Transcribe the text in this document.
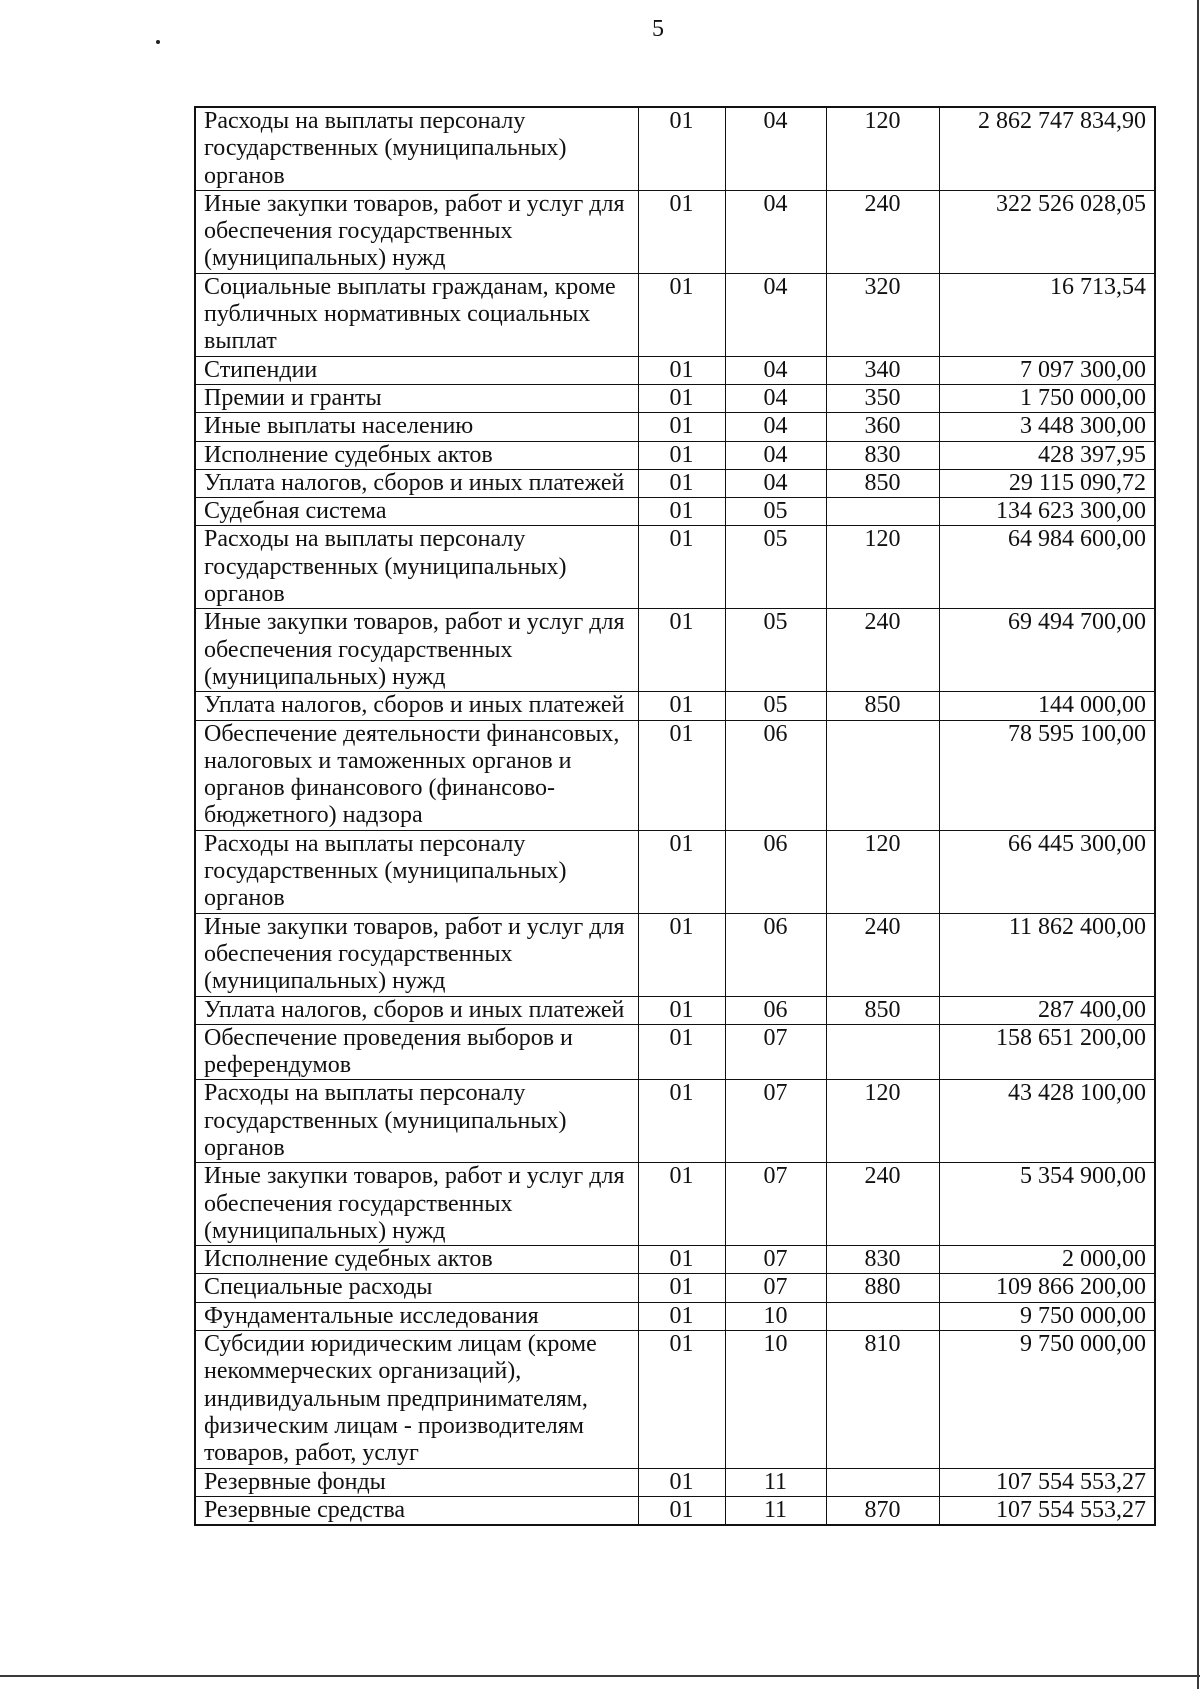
5
Расходы на выплаты персоналу государственных (муниципальных) органов	01	04	120	2 862 747 834,90
Иные закупки товаров, работ и услуг для обеспечения государственных (муниципальных) нужд	01	04	240	322 526 028,05
Социальные выплаты гражданам, кроме публичных нормативных социальных выплат	01	04	320	16 713,54
Стипендии	01	04	340	7 097 300,00
Премии и гранты	01	04	350	1 750 000,00
Иные выплаты населению	01	04	360	3 448 300,00
Исполнение судебных актов	01	04	830	428 397,95
Уплата налогов, сборов и иных платежей	01	04	850	29 115 090,72
Судебная система	01	05		134 623 300,00
Расходы на выплаты персоналу государственных (муниципальных) органов	01	05	120	64 984 600,00
Иные закупки товаров, работ и услуг для обеспечения государственных (муниципальных) нужд	01	05	240	69 494 700,00
Уплата налогов, сборов и иных платежей	01	05	850	144 000,00
Обеспечение деятельности финансовых, налоговых и таможенных органов и органов финансового (финансово-бюджетного) надзора	01	06		78 595 100,00
Расходы на выплаты персоналу государственных (муниципальных) органов	01	06	120	66 445 300,00
Иные закупки товаров, работ и услуг для обеспечения государственных (муниципальных) нужд	01	06	240	11 862 400,00
Уплата налогов, сборов и иных платежей	01	06	850	287 400,00
Обеспечение проведения выборов и референдумов	01	07		158 651 200,00
Расходы на выплаты персоналу государственных (муниципальных) органов	01	07	120	43 428 100,00
Иные закупки товаров, работ и услуг для обеспечения государственных (муниципальных) нужд	01	07	240	5 354 900,00
Исполнение судебных актов	01	07	830	2 000,00
Специальные расходы	01	07	880	109 866 200,00
Фундаментальные исследования	01	10		9 750 000,00
Субсидии юридическим лицам (кроме некоммерческих организаций), индивидуальным предпринимателям, физическим лицам - производителям товаров, работ, услуг	01	10	810	9 750 000,00
Резервные фонды	01	11		107 554 553,27
Резервные средства	01	11	870	107 554 553,27
